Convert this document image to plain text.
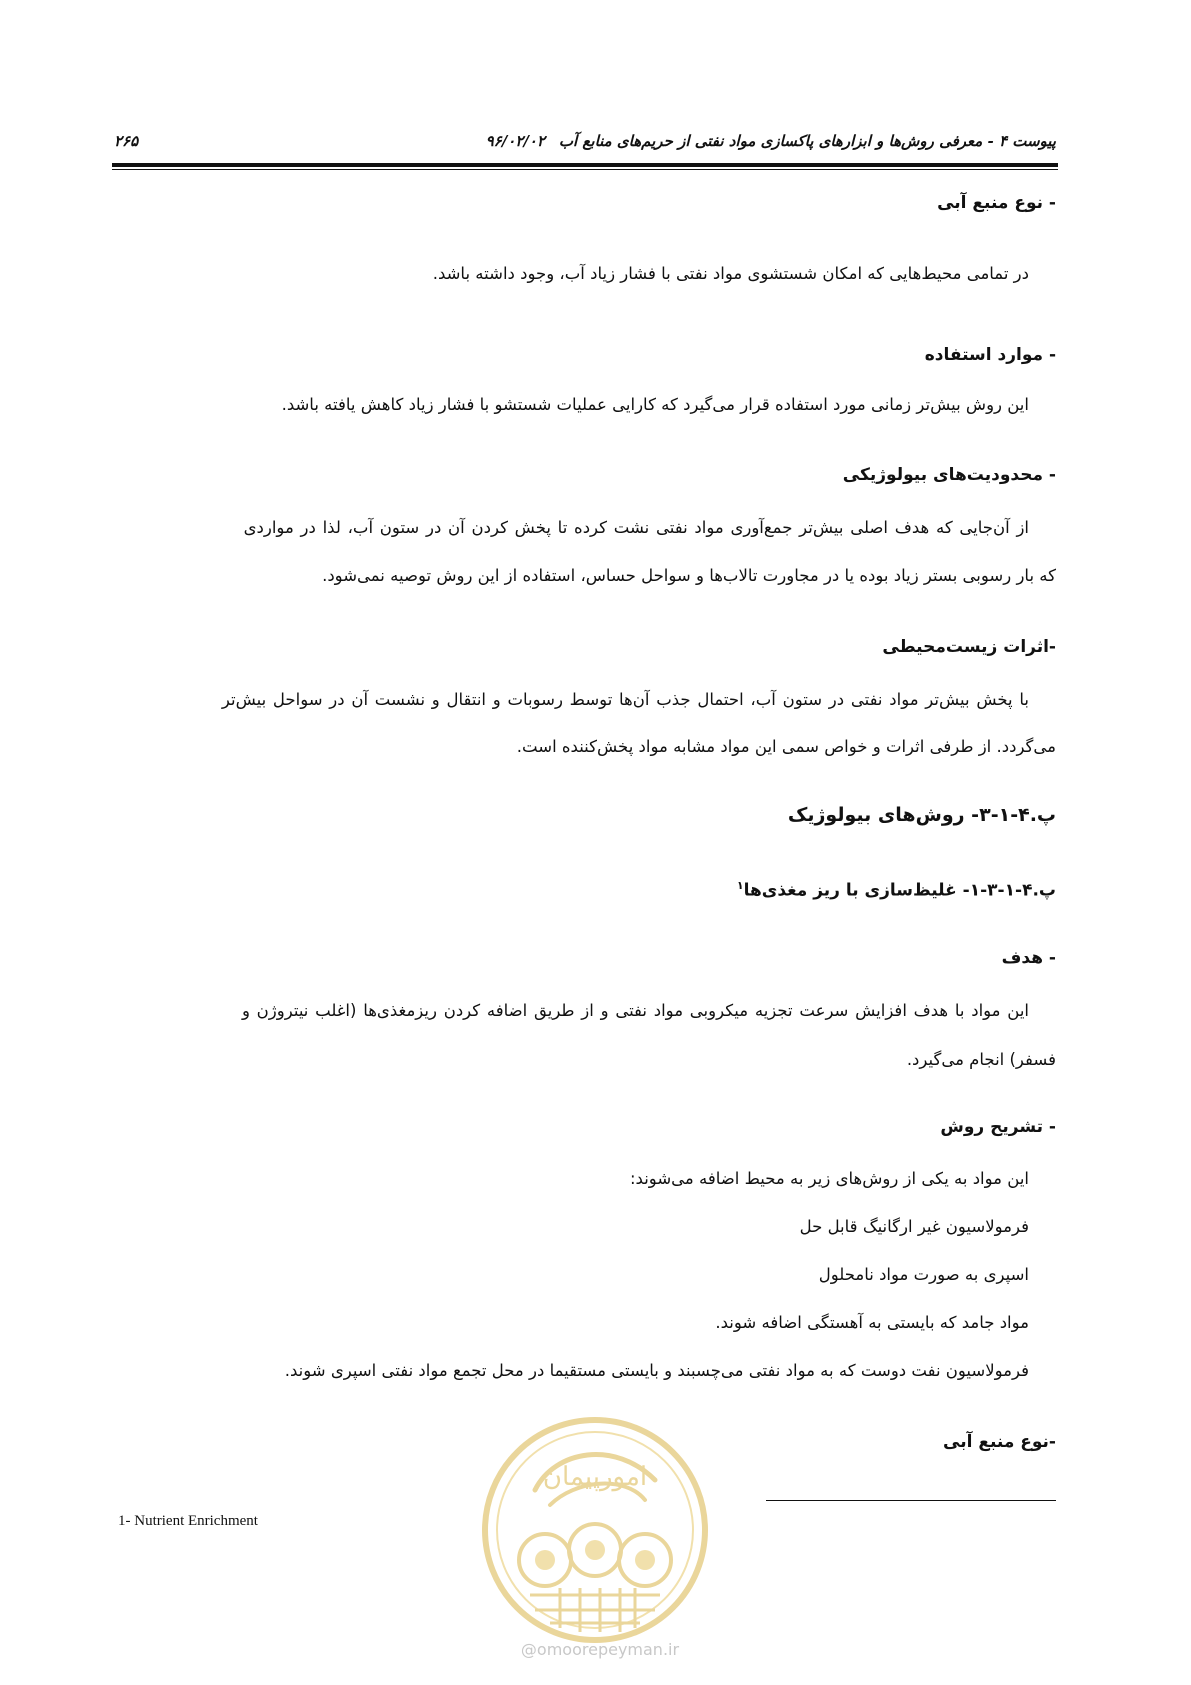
پیوست ۴ - معرفی روش‌ها و ابزارهای پاکسازی مواد نفتی از حریم‌های منابع آب۹۶/۰۲/۰۲
۲۶۵
- نوع منبع آبی
در تمامی محیط‌هایی که امکان شستشوی مواد نفتی با فشار زیاد آب، وجود داشته باشد.
- موارد استفاده
این روش بیش‌تر زمانی مورد استفاده قرار می‌گیرد که کارایی عملیات شستشو با فشار زیاد کاهش یافته باشد.
- محدودیت‌های بیولوژیکی
از آن‌جایی که هدف اصلی بیش‌تر جمع‌آوری مواد نفتی نشت کرده تا پخش کردن آن در ستون آب، لذا در مواردی
که بار رسوبی بستر زیاد بوده یا در مجاورت تالاب‌ها و سواحل حساس، استفاده از این روش توصیه نمی‌شود.
-اثرات زیست‌محیطی
با پخش بیش‌تر مواد نفتی در ستون آب، احتمال جذب آن‌ها توسط رسوبات و انتقال و نشست آن در سواحل بیش‌تر
می‌گردد. از طرفی اثرات و خواص سمی این مواد مشابه مواد پخش‌کننده است.
پ.۴-۱-۳- روش‌های بیولوژیک
پ.۴-۱-۳-۱- غلیظ‌سازی با ریز مغذی‌ها$^۱$
- هدف
این مواد با هدف افزایش سرعت تجزیه میکروبی مواد نفتی و از طریق اضافه کردن ریزمغذی‌ها (اغلب نیتروژن و
فسفر) انجام می‌گیرد.
- تشریح روش
این مواد به یکی از روش‌های زیر به محیط اضافه می‌شوند:
فرمولاسیون غیر ارگانیگ قابل حل
اسپری به صورت مواد نامحلول
مواد جامد که بایستی به آهستگی اضافه شوند.
فرمولاسیون نفت دوست که به مواد نفتی می‌چسبند و بایستی مستقیما در محل تجمع مواد نفتی اسپری شوند.
-نوع منبع آبی
1- Nutrient Enrichment
امورپیمان
@omoorepeyman.ir
